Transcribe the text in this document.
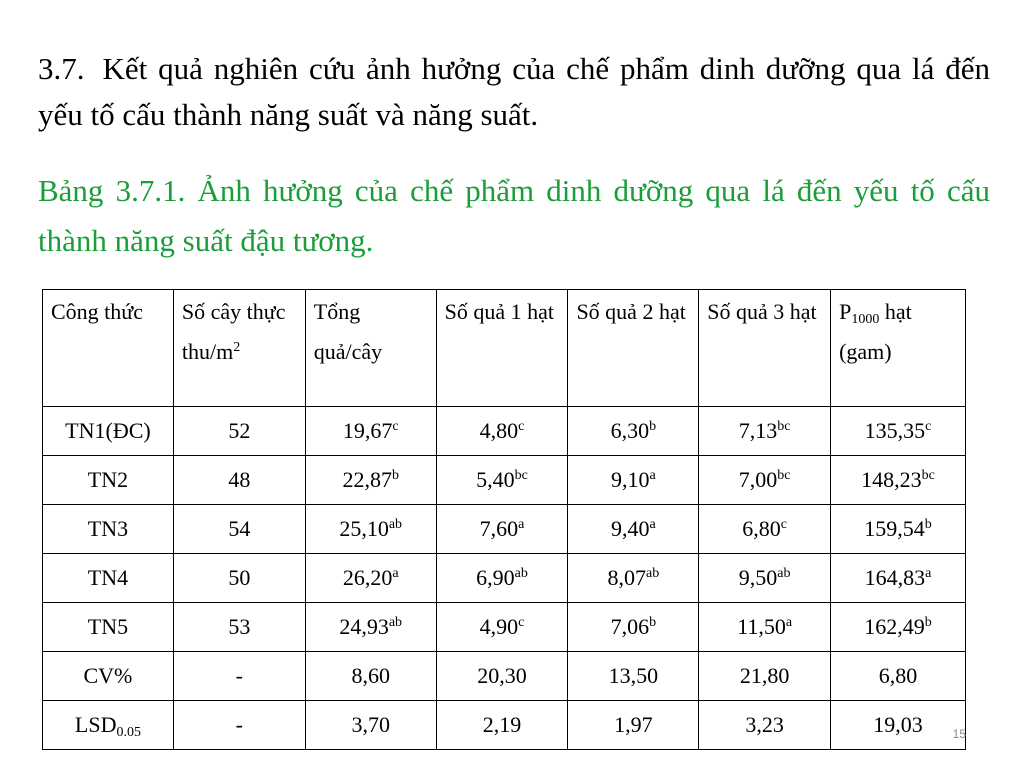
3.7. Kết quả nghiên cứu ảnh hưởng của chế phẩm dinh dưỡng qua lá đến yếu tố cấu thành năng suất và năng suất.
Bảng 3.7.1. Ảnh hưởng của chế phẩm dinh dưỡng qua lá đến yếu tố cấu thành năng suất đậu tương.
Công thức	Số cây thực thu/$m^2$	Tổng quả/cây	Số quả 1 hạt	Số quả 2 hạt	Số quả 3 hạt	$P_{1000}$ hạt (gam)
TN1(ĐC)	52	19,67$^c$	4,80$^c$	6,30$^b$	7,13$^{bc}$	135,35$^c$
TN2	48	22,87$^b$	5,40$^{bc}$	9,10$^a$	7,00$^{bc}$	148,23$^{bc}$
TN3	54	25,10$^{ab}$	7,60$^a$	9,40$^a$	6,80$^c$	159,54$^b$
TN4	50	26,20$^a$	6,90$^{ab}$	8,07$^{ab}$	9,50$^{ab}$	164,83$^a$
TN5	53	24,93$^{ab}$	4,90$^c$	7,06$^b$	11,50$^a$	162,49$^b$
CV%	-	8,60	20,30	13,50	21,80	6,80
$LSD_{0.05}$	-	3,70	2,19	1,97	3,23	19,03 15
